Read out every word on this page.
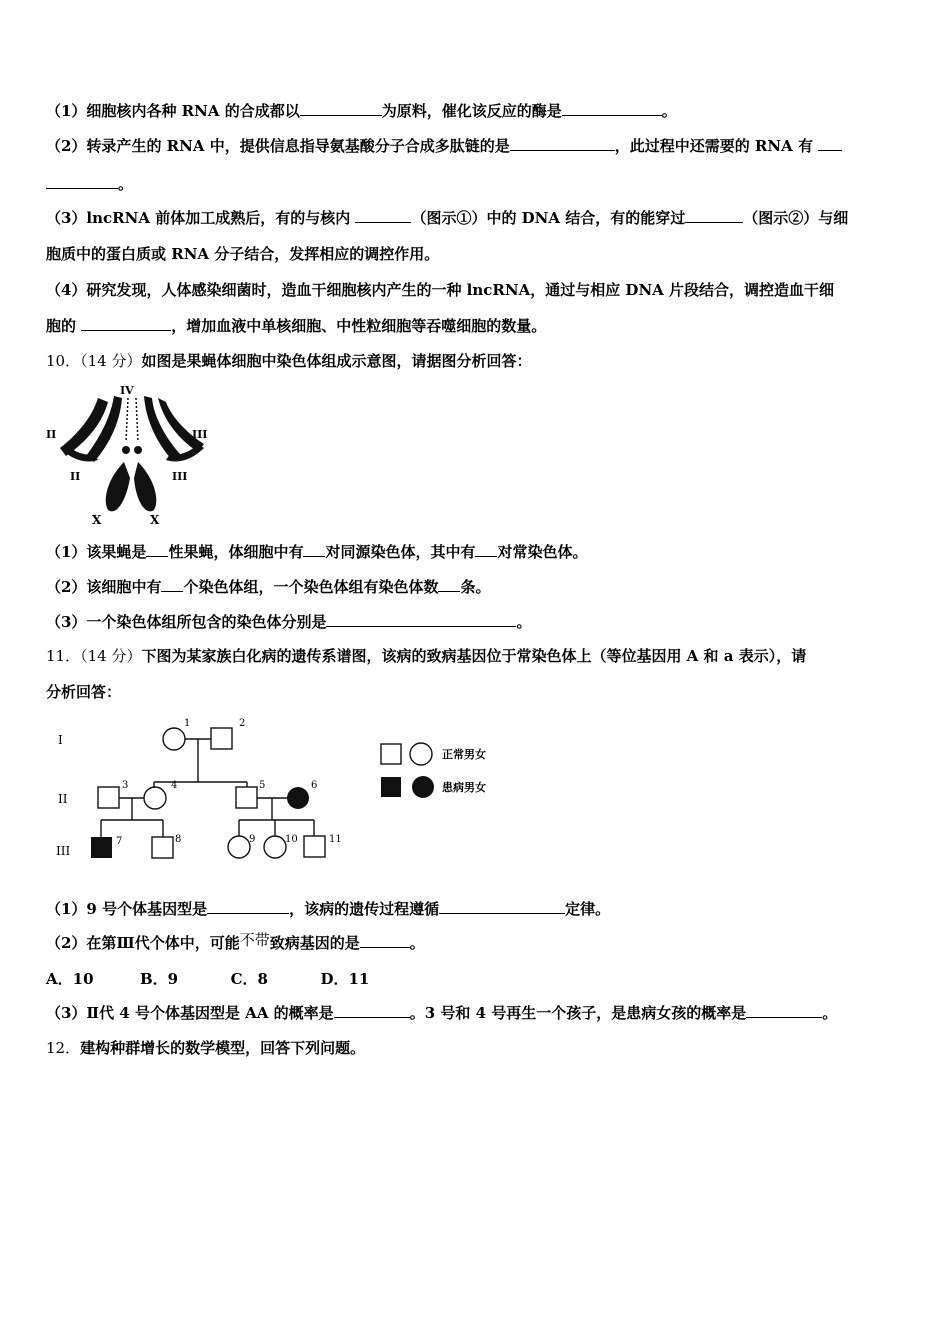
（1）细胞核内各种 RNA 的合成都以	为原料，催化该反应的酶是	。
（2）转录产生的 RNA 中，提供信息指导氨基酸分子合成多肽链的是	，此过程中还需要的 RNA 有
。
（3）lncRNA 前体加工成熟后，有的与核内	（图示①）中的 DNA 结合，有的能穿过	（图示②）与细
胞质中的蛋白质或 RNA 分子结合，发挥相应的调控作用。
（4）研究发现，人体感染细菌时，造血干细胞核内产生的一种 lncRNA，通过与相应 DNA 片段结合，调控造血干细
胞的	，增加血液中单核细胞、中性粒细胞等吞噬细胞的数量。
10．（14 分）如图是果蝇体细胞中染色体组成示意图，请据图分析回答：
IV
II	III
II	III
X	X
（1）该果蝇是 性果蝇，体细胞中有 对同源染色体，其中有 对常染色体。
（2）该细胞中有 个染色体组，一个染色体组有染色体数 条。
（3）一个染色体组所包含的染色体分别是	。
11．（14 分）下图为某家族白化病的遗传系谱图，该病的致病基因位于常染色体上（等位基因用 A 和 a 表示），请
分析回答：
I
II
III
1	2
3	4	5	6
7	8	9	10	11
正常男女
患病男女
（1）9 号个体基因型是	，该病的遗传过程遵循	定律。
（2）在第Ⅲ代个体中，可能不带致病基因的是	。
A．10	B．9	C．8	D．11
（3）Ⅱ代 4 号个体基因型是 AA 的概率是	。3 号和 4 号再生一个孩子，是患病女孩的概率是	。
12．建构种群增长的数学模型，回答下列问题。
